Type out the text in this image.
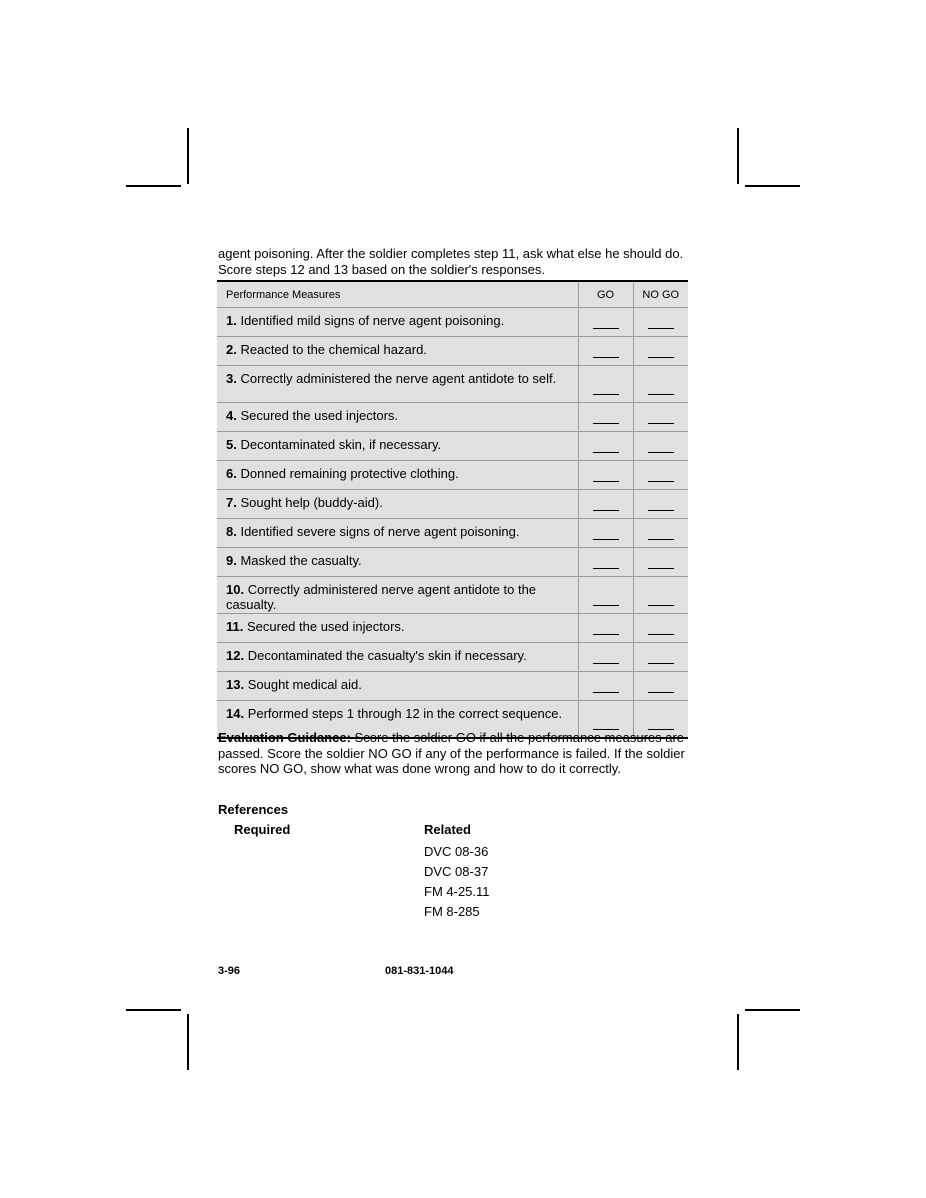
agent poisoning. After the soldier completes step 11, ask what else he should do. Score steps 12 and 13 based on the soldier's responses.
Performance Measures	GO	NO GO
1. Identified mild signs of nerve agent poisoning.		
2. Reacted to the chemical hazard.		
3. Correctly administered the nerve agent antidote to self.		
4. Secured the used injectors.		
5. Decontaminated skin, if necessary.		
6. Donned remaining protective clothing.		
7. Sought help (buddy-aid).		
8. Identified severe signs of nerve agent poisoning.		
9. Masked the casualty.		
10. Correctly administered nerve agent antidote to the casualty.		
11. Secured the used injectors.		
12. Decontaminated the casualty's skin if necessary.		
13. Sought medical aid.		
14. Performed steps 1 through 12 in the correct sequence.		
Evaluation Guidance: Score the soldier GO if all the performance measures are passed. Score the soldier NO GO if any of the performance is failed. If the soldier scores NO GO, show what was done wrong and how to do it correctly.
References
Required	Related
DVC 08-36
DVC 08-37
FM 4-25.11
FM 8-285
3-96	081-831-1044
